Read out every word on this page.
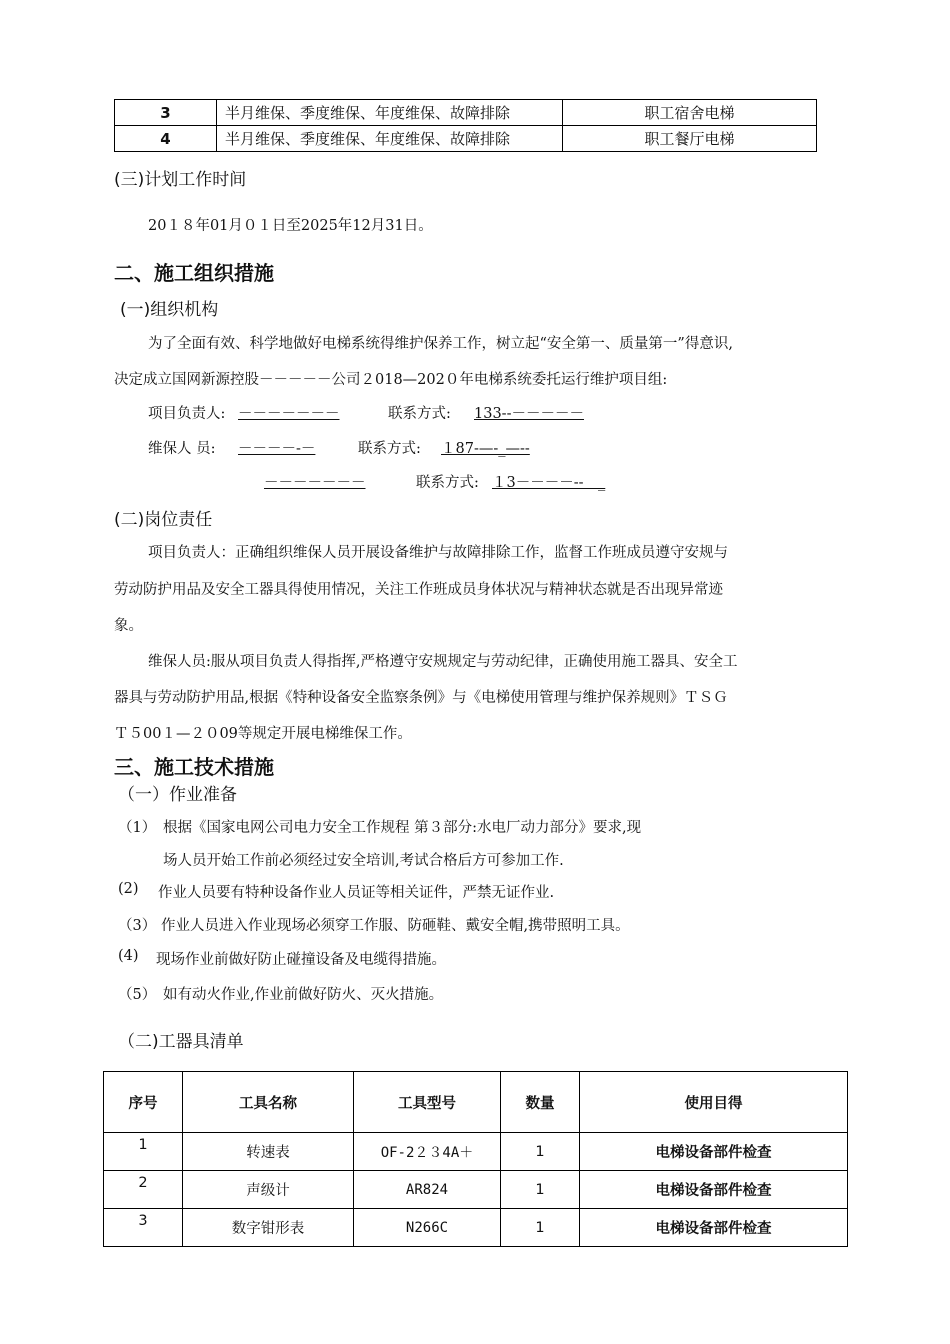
3	半月维保、季度维保、年度维保、故障排除	职工宿舍电梯
4	半月维保、季度维保、年度维保、故障排除	职工餐厅电梯
(三)计划工作时间
20１８年01月０１日至2025年12月31日。
二、施工组织措施
(一)组织机构
为了全面有效、科学地做好电梯系统得维护保养工作，树立起“安全第一、质量第一”得意识,
决定成立国网新源控股－－－－－公司２018—202０年电梯系统委托运行维护项目组:
项目负责人: －－－－－－－	联系方式: 133--－－－－－
维保人 员: －－－－-－	联系方式: １87-—-_—--
－－－－－－－	联系方式: １3－－－－--　_
(二)岗位责任
项目负责人：正确组织维保人员开展设备维护与故障排除工作，监督工作班成员遵守安规与
劳动防护用品及安全工器具得使用情况，关注工作班成员身体状况与精神状态就是否出现异常迹
象。
维保人员:服从项目负责人得指挥,严格遵守安规规定与劳动纪律，正确使用施工器具、安全工
器具与劳动防护用品,根据《特种设备安全监察条例》与《电梯使用管理与维护保养规则》ＴＳＧ
Ｔ５00１—２０09等规定开展电梯维保工作。
三、施工技术措施
（一）作业准备
（1） 根据《国家电网公司电力安全工作规程 第３部分:水电厂动力部分》要求,现
场人员开始工作前必须经过安全培训,考试合格后方可参加工作.
(2) 作业人员要有特种设备作业人员证等相关证件，严禁无证作业.
（3） 作业人员进入作业现场必须穿工作服、防砸鞋、戴安全帽,携带照明工具。
(4) 现场作业前做好防止碰撞设备及电缆得措施。
（5） 如有动火作业,作业前做好防火、灭火措施。
（二)工器具清单
序号	工具名称	工具型号	数量	使用目得
1	转速表	OF-2２３4A＋	1	电梯设备部件检查
2	声级计	AR824	1	电梯设备部件检查
3	数字钳形表	N266C	1	电梯设备部件检查
